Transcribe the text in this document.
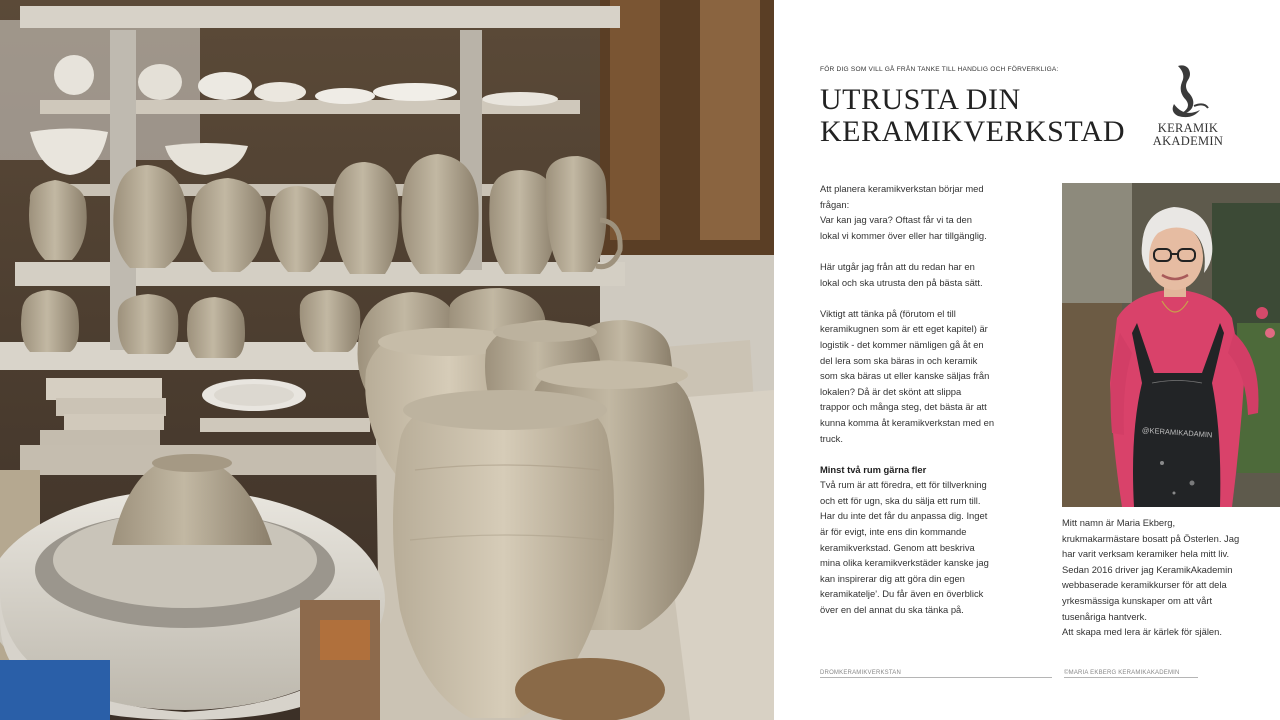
FÖR DIG SOM VILL GÅ FRÅN TANKE TILL HANDLIG OCH FÖRVERKLIGA:
UTRUSTA DIN
KERAMIKVERKSTAD	KERAMIK
AKADEMIN

Att planera keramikverkstan börjar med
frågan:
Var kan jag vara? Oftast får vi ta den
lokal vi kommer över eller har tillgänglig.

Här utgår jag från att du redan har en
lokal och ska utrusta den på bästa sätt.

Viktigt att tänka på (förutom el till
keramikugnen som är ett eget kapitel) är
logistik - det kommer nämligen gå åt en
del lera som ska bäras in och keramik
som ska bäras ut eller kanske säljas från
lokalen? Då är det skönt att slippa
trappor och många steg, det bästa är att
kunna komma åt keramikverkstan med en
truck.

Minst två rum gärna fler

Två rum är att föredra, ett för tillverkning
och ett för ugn, ska du sälja ett rum till.
Har du inte det får du anpassa dig. Inget
är för evigt, inte ens din kommande
keramikverkstad. Genom att beskriva
mina olika keramikverkstäder kanske jag
kan inspirerar dig att göra din egen
keramikatelje'. Du får även en överblick
över en del annat du ska tänka på.

@KERAMIKADAMIN

Mitt namn är Maria Ekberg,
krukmakarmästare bosatt på Österlen. Jag
har varit verksam keramiker hela mitt liv.
Sedan 2016 driver jag KeramikAkademin
webbaserade keramikkurser för att dela
yrkesmässiga kunskaper om att vårt
tusenåriga hantverk.
Att skapa med lera är kärlek för själen.

DROMKERAMIKVERKSTAN	©MARIA EKBERG KERAMIKAKADEMIN
